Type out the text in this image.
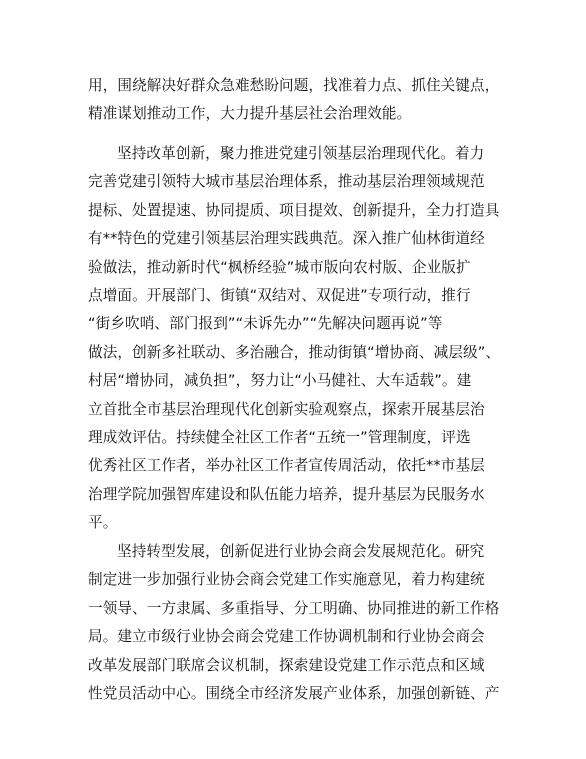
用，围绕解决好群众急难愁盼问题，找准着力点、抓住关键点，
精准谋划推动工作，大力提升基层社会治理效能。
坚持改革创新，聚力推进党建引领基层治理现代化。着力
完善党建引领特大城市基层治理体系，推动基层治理领域规范
提标、处置提速、协同提质、项目提效、创新提升，全力打造具
有**特色的党建引领基层治理实践典范。深入推广仙林街道经
验做法，推动新时代“枫桥经验”城市版向农村版、企业版扩
点增面。开展部门、街镇“双结对、双促进”专项行动，推行
“街乡吹哨、部门报到”“未诉先办”“先解决问题再说”等
做法，创新多社联动、多治融合，推动街镇“增协商、减层级”、
村居“增协同，减负担”，努力让“小马健社、大车适载”。建
立首批全市基层治理现代化创新实验观察点，探索开展基层治
理成效评估。持续健全社区工作者“五统一”管理制度，评选
优秀社区工作者，举办社区工作者宣传周活动，依托**市基层
治理学院加强智库建设和队伍能力培养，提升基层为民服务水
平。
坚持转型发展，创新促进行业协会商会发展规范化。研究
制定进一步加强行业协会商会党建工作实施意见，着力构建统
一领导、一方隶属、多重指导、分工明确、协同推进的新工作格
局。建立市级行业协会商会党建工作协调机制和行业协会商会
改革发展部门联席会议机制，探索建设党建工作示范点和区域
性党员活动中心。围绕全市经济发展产业体系，加强创新链、产
